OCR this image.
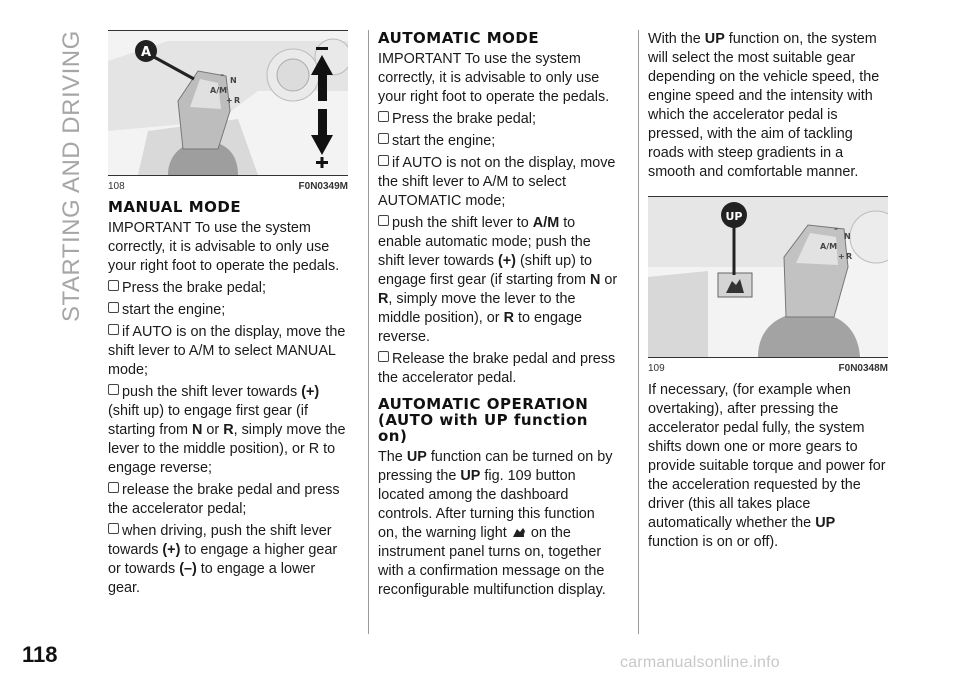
STARTING AND DRIVING	–
N
A/M
+ R
A
108	F0N0349M
MANUAL MODE

IMPORTANT To use the system correctly, it is advisable to only use your right foot to operate the pedals.

Press the brake pedal;

start the engine;

if AUTO is on the display, move the shift lever to A/M to select MANUAL mode;

push the shift lever towards (+) (shift up) to engage first gear (if starting from N or R, simply move the lever to the middle position), or R to engage reverse;

release the brake pedal and press the accelerator pedal;

when driving, push the shift lever towards (+) to engage a higher gear or towards (–) to engage a lower gear.

AUTOMATIC MODE

IMPORTANT To use the system correctly, it is advisable to only use your right foot to operate the pedals.

Press the brake pedal;

start the engine;

if AUTO is not on the display, move the shift lever to A/M to select AUTOMATIC mode;

push the shift lever to A/M to enable automatic mode; push the shift lever towards (+) (shift up) to engage first gear (if starting from N or R, simply move the lever to the middle position), or R to engage reverse.

Release the brake pedal and press the accelerator pedal.

AUTOMATIC OPERATION (AUTO with UP function on)

The UP function can be turned on by pressing the UP fig. 109 button located among the dashboard controls. After turning this function on, the warning light on the instrument panel turns on, together with a confirmation message on the reconfigurable multifunction display.

With the UP function on, the system will select the most suitable gear depending on the vehicle speed, the engine speed and the intensity with which the accelerator pedal is pressed, with the aim of tackling roads with steep gradients in a smooth and comfortable manner.

–
N
A/M
+ R
UP
109	F0N0348M

If necessary, (for example when overtaking), after pressing the accelerator pedal fully, the system shifts down one or more gears to provide suitable torque and power for the acceleration requested by the driver (this all takes place automatically whether the UP function is on or off).

118	carmanualsonline.info
